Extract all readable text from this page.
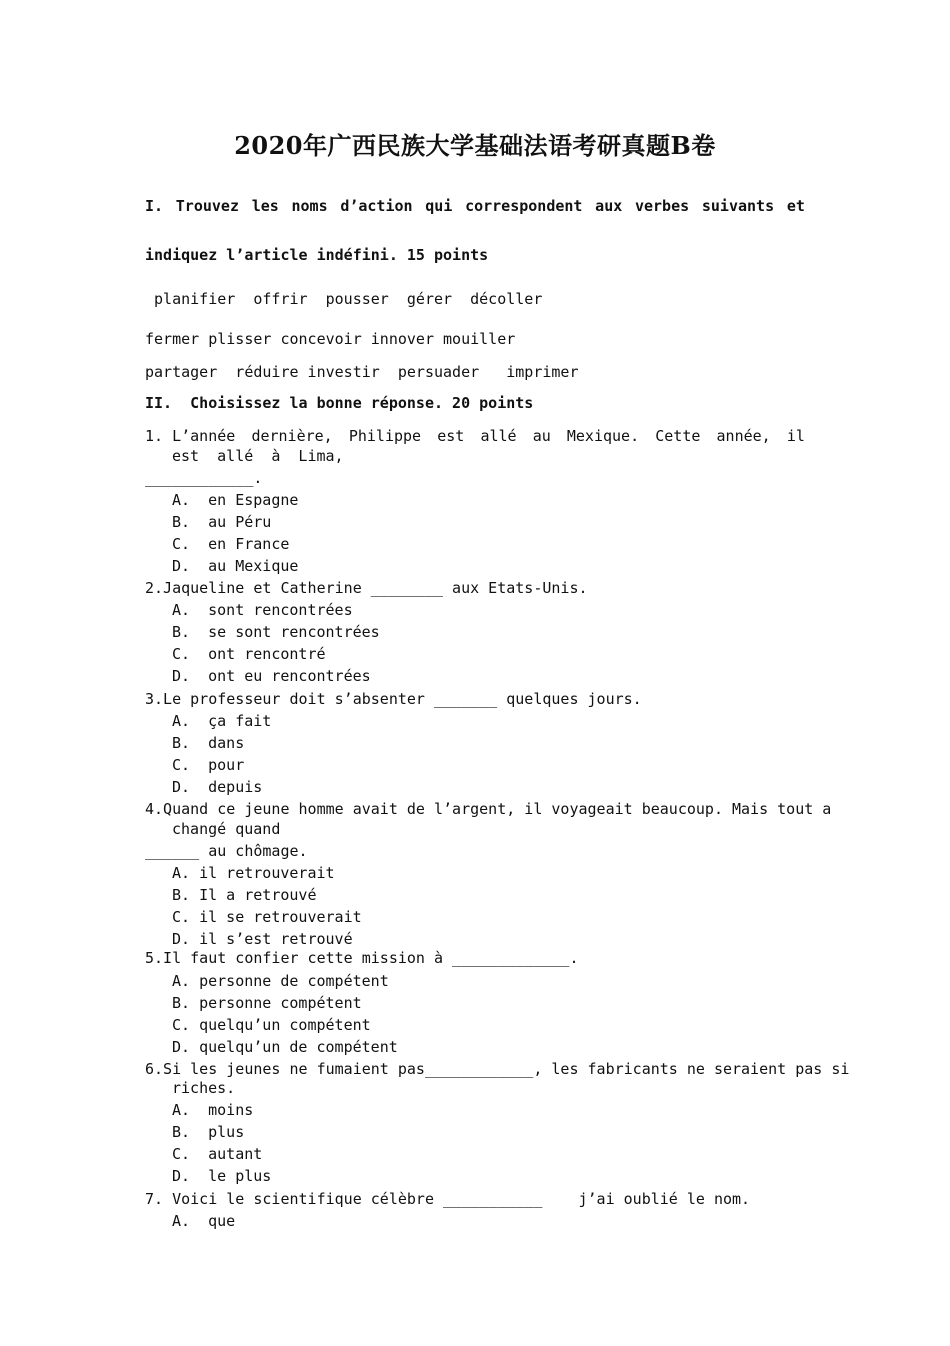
2020年广西民族大学基础法语考研真题B卷
I. Trouvez les noms d’action qui correspondent aux verbes suivants et
indiquez l’article indéfini. 15 points
planifier  offrir  pousser  gérer  décoller
fermer plisser concevoir innover mouiller
partager  réduire investir  persuader   imprimer
II.  Choisissez la bonne réponse. 20 points
1. L’année dernière, Philippe est allé au Mexique. Cette année, il
est  allé  à  Lima,
____________.
A.  en Espagne
B.  au Péru
C.  en France
D.  au Mexique
2.Jaqueline et Catherine ________ aux Etats-Unis.
A.  sont rencontrées
B.  se sont rencontrées
C.  ont rencontré
D.  ont eu rencontrées
3.Le professeur doit s’absenter _______ quelques jours.
A.  ça fait
B.  dans
C.  pour
D.  depuis
4.Quand ce jeune homme avait de l’argent, il voyageait beaucoup. Mais tout a
changé quand
______ au chômage.
A. il retrouverait
B. Il a retrouvé
C. il se retrouverait
D. il s’est retrouvé
5.Il faut confier cette mission à _____________.
A. personne de compétent
B. personne compétent
C. quelqu’un compétent
D. quelqu’un de compétent
6.Si les jeunes ne fumaient pas____________, les fabricants ne seraient pas si
riches.
A.  moins
B.  plus
C.  autant
D.  le plus
7. Voici le scientifique célèbre ___________    j’ai oublié le nom.
A.  que
